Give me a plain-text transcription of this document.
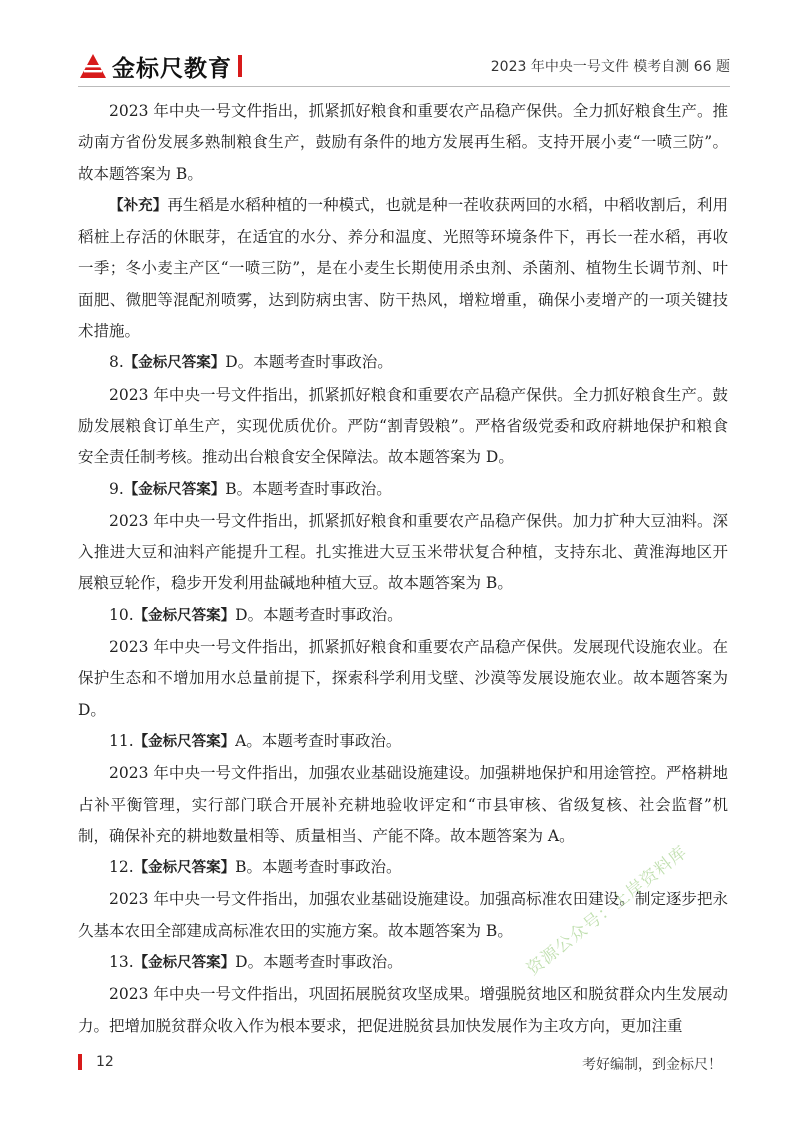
金标尺教育	2023 年中央一号文件 模考自测 66 题

2023 年中央一号文件指出，抓紧抓好粮食和重要农产品稳产保供。全力抓好粮食生产。推动南方省份发展多熟制粮食生产，鼓励有条件的地方发展再生稻。支持开展小麦“一喷三防”。故本题答案为 B。

【补充】再生稻是水稻种植的一种模式，也就是种一茬收获两回的水稻，中稻收割后，利用稻桩上存活的休眠芽，在适宜的水分、养分和温度、光照等环境条件下，再长一茬水稻，再收一季；冬小麦主产区“一喷三防”，是在小麦生长期使用杀虫剂、杀菌剂、植物生长调节剂、叶面肥、微肥等混配剂喷雾，达到防病虫害、防干热风，增粒增重，确保小麦增产的一项关键技术措施。

8.【金标尺答案】D。本题考查时事政治。

2023 年中央一号文件指出，抓紧抓好粮食和重要农产品稳产保供。全力抓好粮食生产。鼓励发展粮食订单生产，实现优质优价。严防“割青毁粮”。严格省级党委和政府耕地保护和粮食安全责任制考核。推动出台粮食安全保障法。故本题答案为 D。

9.【金标尺答案】B。本题考查时事政治。

2023 年中央一号文件指出，抓紧抓好粮食和重要农产品稳产保供。加力扩种大豆油料。深入推进大豆和油料产能提升工程。扎实推进大豆玉米带状复合种植，支持东北、黄淮海地区开展粮豆轮作，稳步开发利用盐碱地种植大豆。故本题答案为 B。

10.【金标尺答案】D。本题考查时事政治。

2023 年中央一号文件指出，抓紧抓好粮食和重要农产品稳产保供。发展现代设施农业。在保护生态和不增加用水总量前提下，探索科学利用戈壁、沙漠等发展设施农业。故本题答案为 D。

11.【金标尺答案】A。本题考查时事政治。

2023 年中央一号文件指出，加强农业基础设施建设。加强耕地保护和用途管控。严格耕地占补平衡管理，实行部门联合开展补充耕地验收评定和“市县审核、省级复核、社会监督”机制，确保补充的耕地数量相等、质量相当、产能不降。故本题答案为 A。

12.【金标尺答案】B。本题考查时事政治。

2023 年中央一号文件指出，加强农业基础设施建设。加强高标准农田建设。制定逐步把永久基本农田全部建成高标准农田的实施方案。故本题答案为 B。

13.【金标尺答案】D。本题考查时事政治。

2023 年中央一号文件指出，巩固拓展脱贫攻坚成果。增强脱贫地区和脱贫群众内生发展动力。把增加脱贫群众收入作为根本要求，把促进脱贫县加快发展作为主攻方向，更加注重

资源公众号：上岸资料库
12	考好编制，到金标尺！
